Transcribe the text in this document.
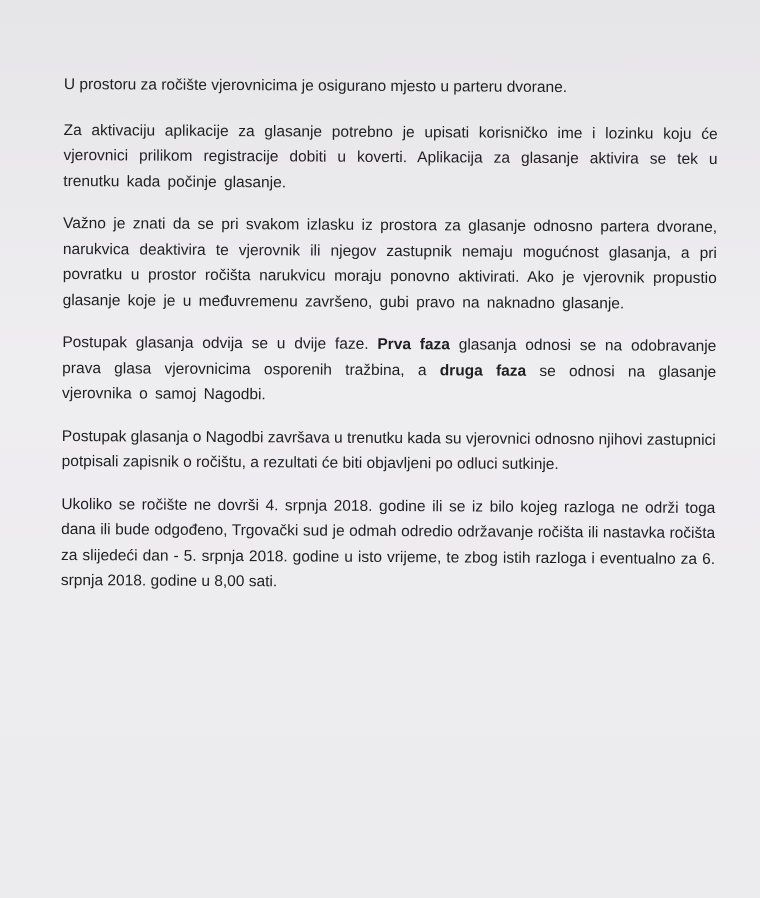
U prostoru za ročište vjerovnicima je osigurano mjesto u parteru dvorane.

Za aktivaciju aplikacije za glasanje potrebno je upisati korisničko ime i lozinku koju će vjerovnici prilikom registracije dobiti u koverti. Aplikacija za glasanje aktivira se tek u trenutku kada počinje glasanje.

Važno je znati da se pri svakom izlasku iz prostora za glasanje odnosno partera dvorane, narukvica deaktivira te vjerovnik ili njegov zastupnik nemaju mogućnost glasanja, a pri povratku u prostor ročišta narukvicu moraju ponovno aktivirati. Ako je vjerovnik propustio glasanje koje je u međuvremenu završeno, gubi pravo na naknadno glasanje.

Postupak glasanja odvija se u dvije faze. Prva faza glasanja odnosi se na odobravanje prava glasa vjerovnicima osporenih tražbina, a druga faza se odnosi na glasanje vjerovnika o samoj Nagodbi.

Postupak glasanja o Nagodbi završava u trenutku kada su vjerovnici odnosno njihovi zastupnici potpisali zapisnik o ročištu, a rezultati će biti objavljeni po odluci sutkinje.

Ukoliko se ročište ne dovrši 4. srpnja 2018. godine ili se iz bilo kojeg razloga ne održi toga dana ili bude odgođeno, Trgovački sud je odmah odredio održavanje ročišta ili nastavka ročišta za slijedeći dan - 5. srpnja 2018. godine u isto vrijeme, te zbog istih razloga i eventualno za 6. srpnja 2018. godine u 8,00 sati.
